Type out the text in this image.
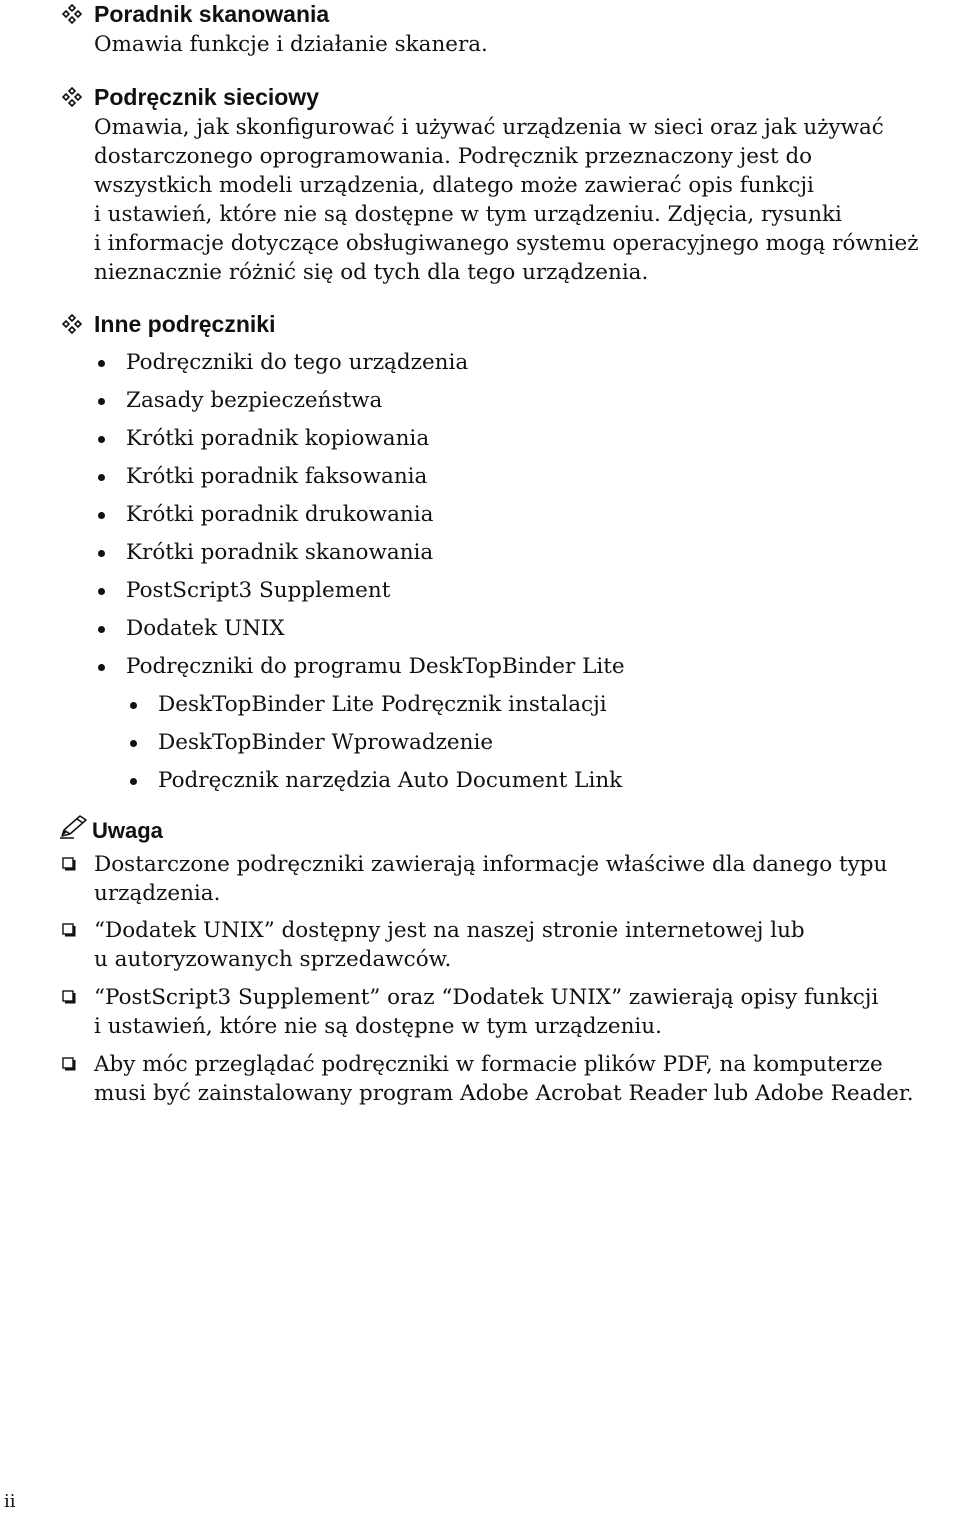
Poradnik skanowania
Omawia funkcje i działanie skanera.
Podręcznik sieciowy
Omawia, jak skonfigurować i używać urządzenia w sieci oraz jak używać
dostarczonego oprogramowania. Podręcznik przeznaczony jest do
wszystkich modeli urządzenia, dlatego może zawierać opis funkcji
i ustawień, które nie są dostępne w tym urządzeniu. Zdjęcia, rysunki
i informacje dotyczące obsługiwanego systemu operacyjnego mogą również
nieznacznie różnić się od tych dla tego urządzenia.
Inne podręczniki
Podręczniki do tego urządzenia
Zasady bezpieczeństwa
Krótki poradnik kopiowania
Krótki poradnik faksowania
Krótki poradnik drukowania
Krótki poradnik skanowania
PostScript3 Supplement
Dodatek UNIX
Podręczniki do programu DeskTopBinder Lite
DeskTopBinder Lite Podręcznik instalacji
DeskTopBinder Wprowadzenie
Podręcznik narzędzia Auto Document Link
Uwaga
Dostarczone podręczniki zawierają informacje właściwe dla danego typu
urządzenia.
“Dodatek UNIX” dostępny jest na naszej stronie internetowej lub
u autoryzowanych sprzedawców.
“PostScript3 Supplement” oraz “Dodatek UNIX” zawierają opisy funkcji
i ustawień, które nie są dostępne w tym urządzeniu.
Aby móc przeglądać podręczniki w formacie plików PDF, na komputerze
musi być zainstalowany program Adobe Acrobat Reader lub Adobe Reader.
ii
